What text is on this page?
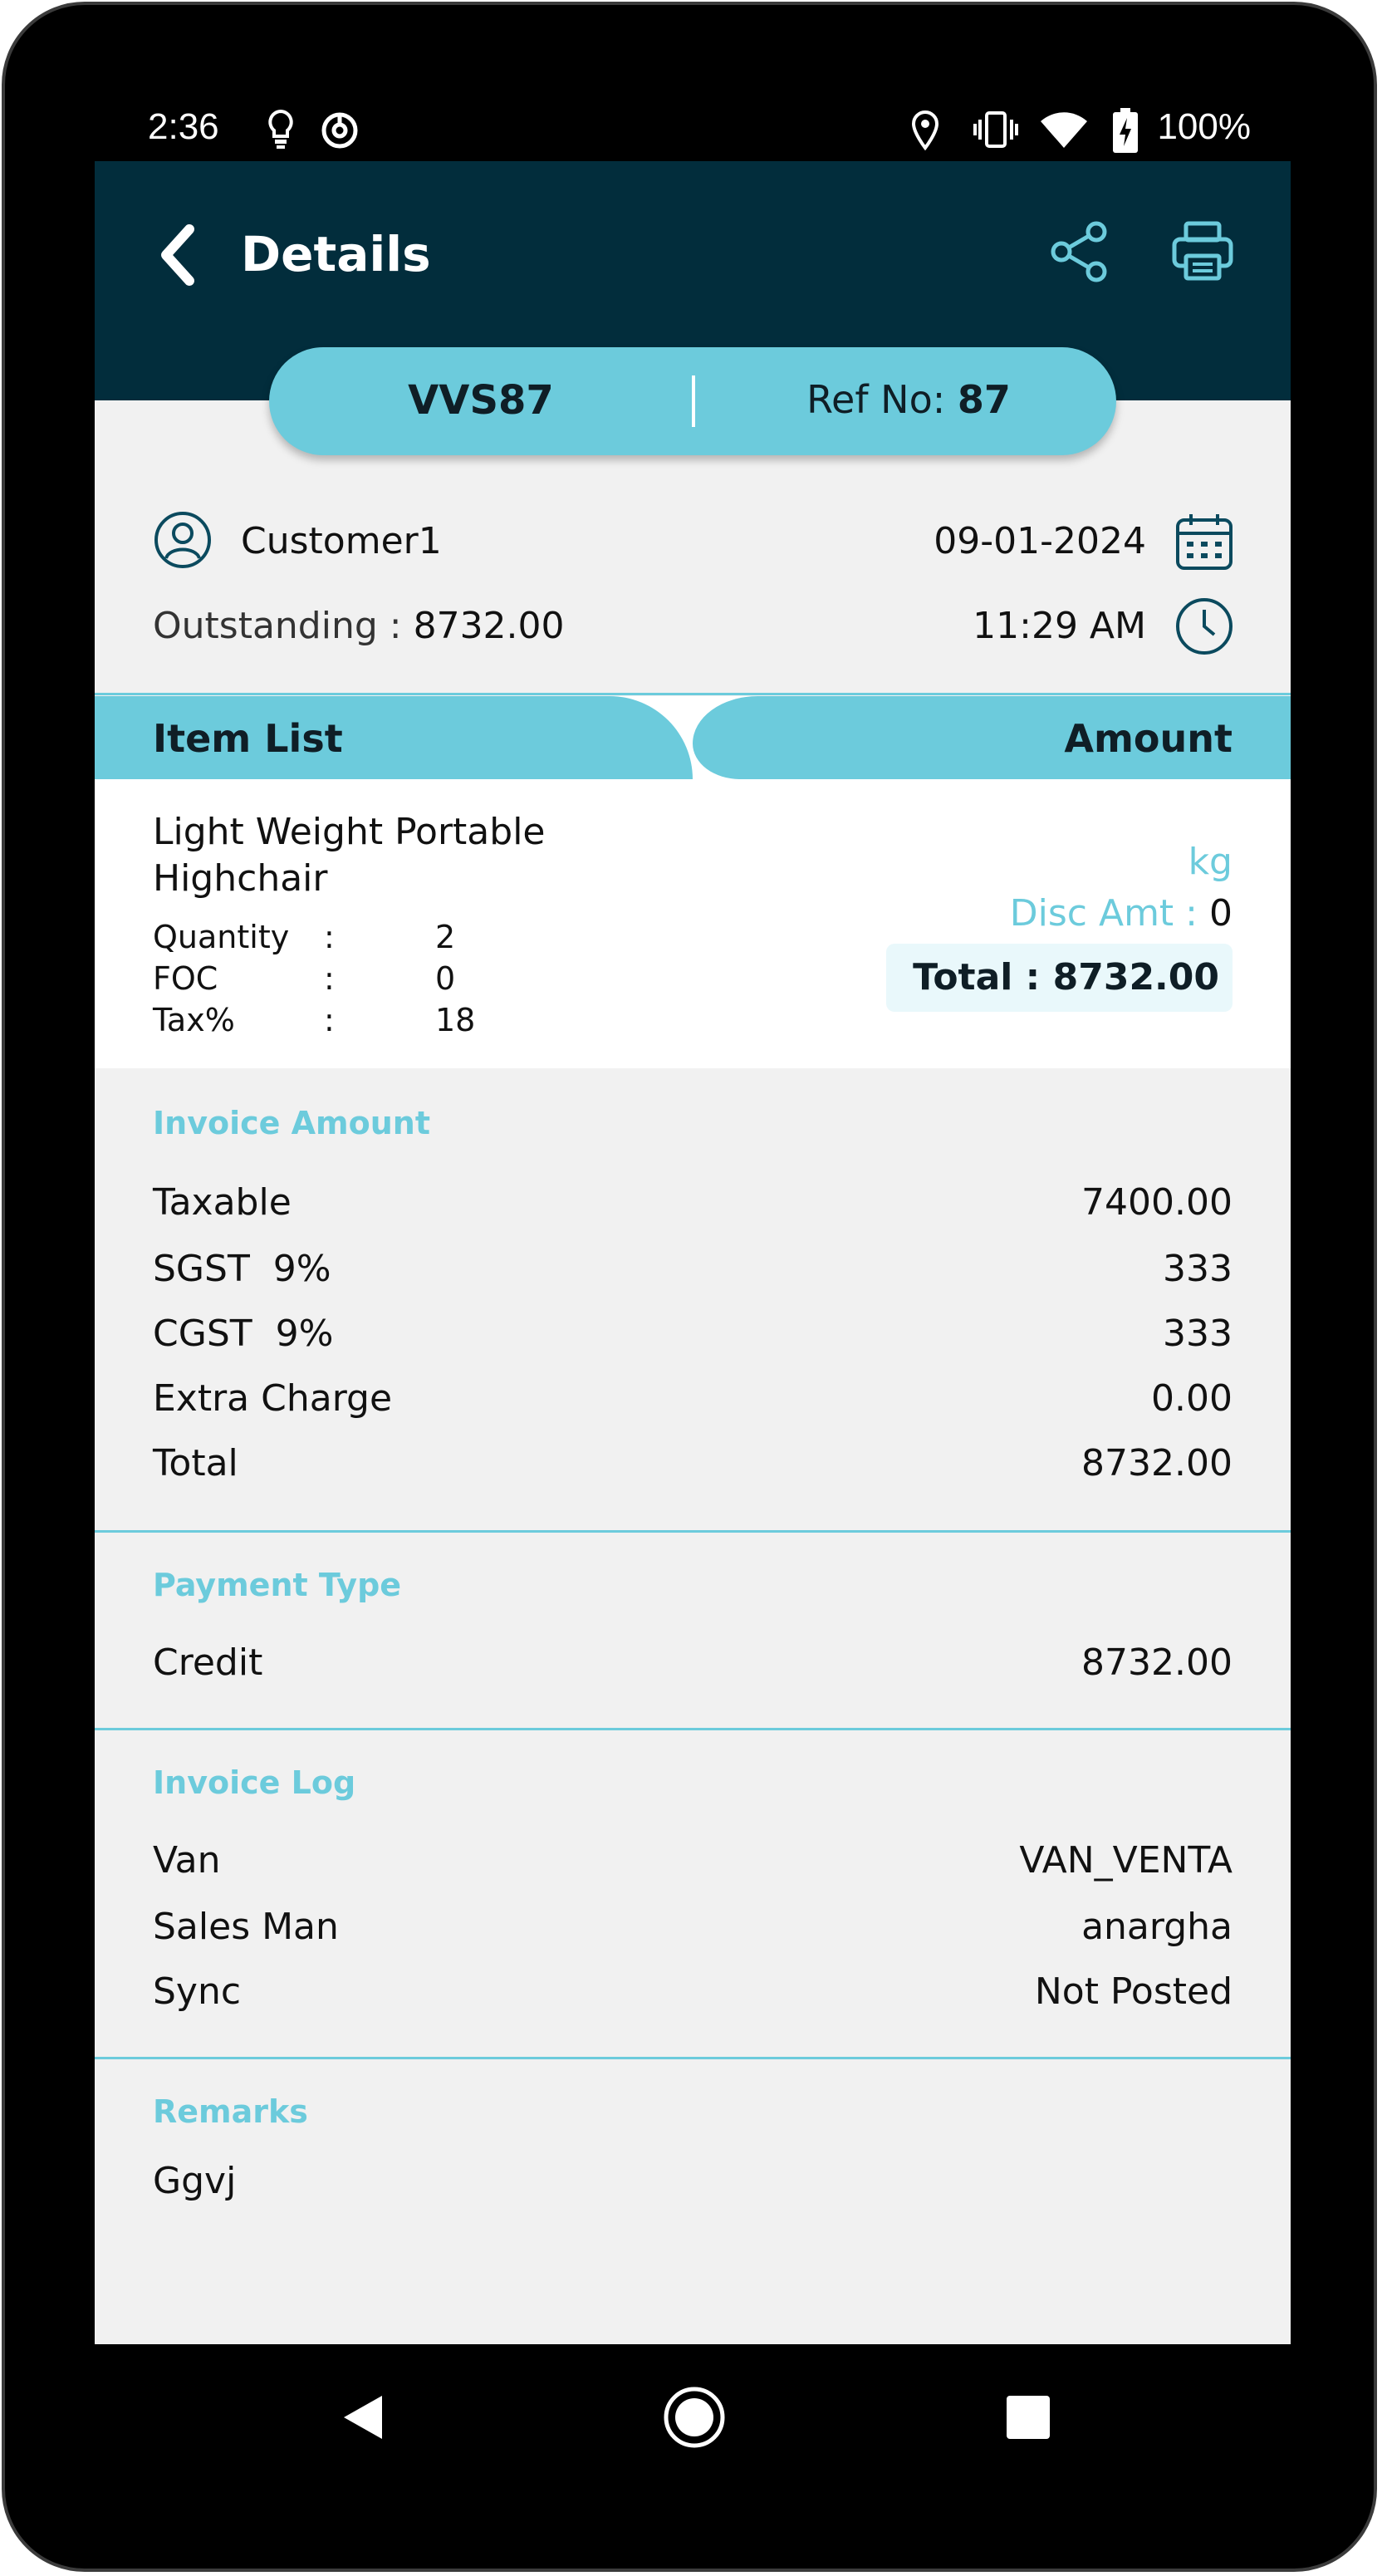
2:36	100%
Details
VVS87	Ref No: 87
Customer1
Outstanding : 8732.00
09-01-2024
11:29 AM
Item List	Amount
Light Weight Portable Highchair
Quantity :	2
FOC	:	0
Tax%	:	18
kg
Disc Amt : 0
Total : 8732.00
Invoice Amount
Taxable	7400.00
SGST  9%	333
CGST  9%	333
Extra Charge	0.00
Total	8732.00
Payment Type
Credit	8732.00
Invoice Log
Van	VAN_VENTA
Sales Man	anargha
Sync	Not Posted
Remarks
Ggvj
